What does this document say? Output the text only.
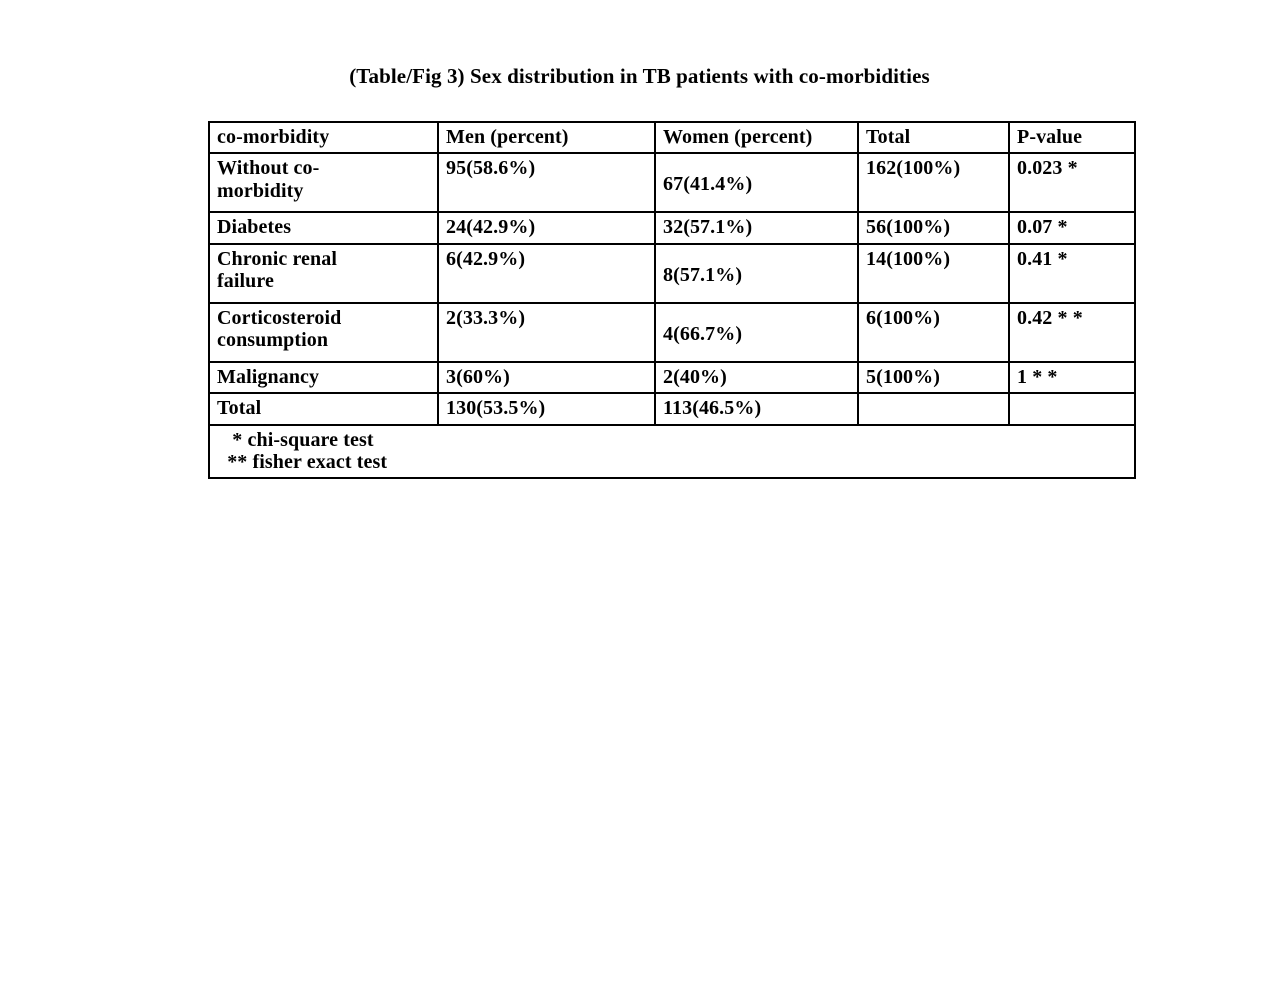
(Table/Fig 3) Sex distribution in TB patients with co-morbidities
co-morbidity	Men (percent)	Women (percent)	Total	P-value

Without co-
morbidity	95(58.6%)	67(41.4%)	162(100%)	0.023 *
Diabetes	24(42.9%)	32(57.1%)	56(100%)	0.07 *

Chronic renal
failure	6(42.9%)	8(57.1%)	14(100%)	0.41 *

Corticosteroid
consumption	2(33.3%)	4(66.7%)	6(100%)	0.42 * *
Malignancy	3(60%)	2(40%)	5(100%)	1 * *
Total	130(53.5%)	113(46.5%)		

* chi-square test
** fisher exact test				
